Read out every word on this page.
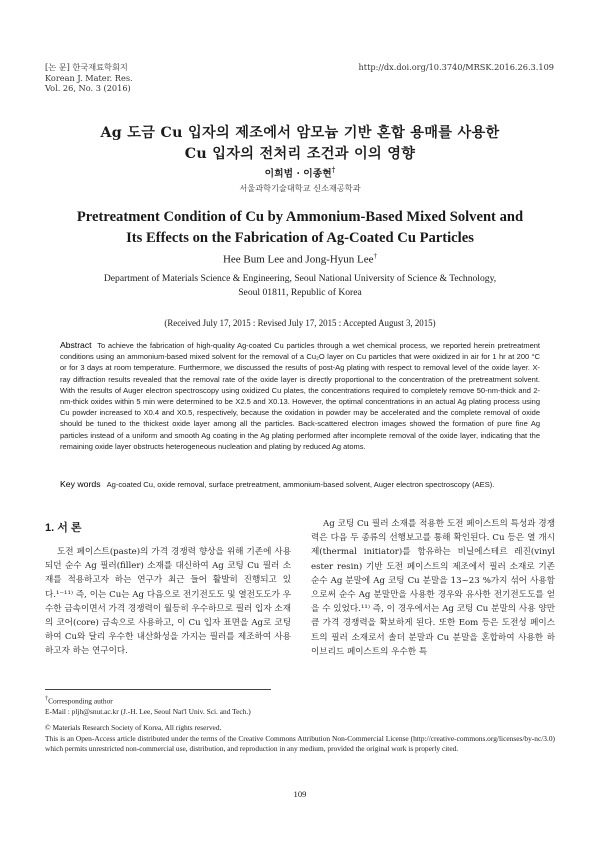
[논 문] 한국재료학회지
Korean J. Mater. Res.
Vol. 26, No. 3 (2016)
http://dx.doi.org/10.3740/MRSK.2016.26.3.109
Ag 도금 Cu 입자의 제조에서 암모늄 기반 혼합 용매를 사용한
Cu 입자의 전처리 조건과 이의 영향
이희범 · 이종현†
서울과학기술대학교 신소재공학과
Pretreatment Condition of Cu by Ammonium-Based Mixed Solvent and
Its Effects on the Fabrication of Ag-Coated Cu Particles
Hee Bum Lee and Jong-Hyun Lee†
Department of Materials Science & Engineering, Seoul National University of Science & Technology,
Seoul 01811, Republic of Korea
(Received July 17, 2015 : Revised July 17, 2015 : Accepted August 3, 2015)
Abstract To achieve the fabrication of high-quality Ag-coated Cu particles through a wet chemical process, we reported herein pretreatment conditions using an ammonium-based mixed solvent for the removal of a Cu₂O layer on Cu particles that were oxidized in air for 1 hr at 200 °C or for 3 days at room temperature. Furthermore, we discussed the results of post-Ag plating with respect to removal level of the oxide layer. X-ray diffraction results revealed that the removal rate of the oxide layer is directly proportional to the concentration of the pretreatment solvent. With the results of Auger electron spectroscopy using oxidized Cu plates, the concentrations required to completely remove 50-nm-thick and 2-nm-thick oxides within 5 min were determined to be X2.5 and X0.13. However, the optimal concentrations in an actual Ag plating process using Cu powder increased to X0.4 and X0.5, respectively, because the oxidation in powder may be accelerated and the complete removal of oxide should be tuned to the thickest oxide layer among all the particles. Back-scattered electron images showed the formation of pure fine Ag particles instead of a uniform and smooth Ag coating in the Ag plating performed after incomplete removal of the oxide layer, indicating that the remaining oxide layer obstructs heterogeneous nucleation and plating by reduced Ag atoms.
Key words Ag-coated Cu, oxide removal, surface pretreatment, ammonium-based solvent, Auger electron spectroscopy (AES).
1. 서 론

도전 페이스트(paste)의 가격 경쟁력 향상을 위해 기존에 사용되던 순수 Ag 필러(filler) 소재를 대신하여 Ag 코팅 Cu 필러 소재를 적용하고자 하는 연구가 최근 들어 활발히 진행되고 있다.¹⁻¹¹⁾ 즉, 이는 Cu는 Ag 다음으로 전기전도도 및 열전도도가 우수한 금속이면서 가격 경쟁력이 월등히 우수하므로 필러 입자 소재의 코어(core) 금속으로 사용하고, 이 Cu 입자 표면을 Ag로 코팅하여 Cu와 달리 우수한 내산화성을 가지는 필러를 제조하여 사용하고자 하는 연구이다.

Ag 코팅 Cu 필러 소재를 적용한 도전 페이스트의 특성과 경쟁력은 다음 두 종류의 선행보고를 통해 확인된다. Cu 등은 열 개시제(thermal initiator)를 함유하는 비닐에스테르 레진(vinyl ester resin) 기반 도전 페이스트의 제조에서 필러 소재로 기존 순수 Ag 분말에 Ag 코팅 Cu 분말을 13~23 %가지 섞어 사용함으로써 순수 Ag 분말만을 사용한 경우와 유사한 전기전도도를 얻을 수 있었다.¹¹⁾ 즉, 이 경우에서는 Ag 코팅 Cu 분말의 사용 양만큼 가격 경쟁력을 확보하게 된다. 또한 Eom 등은 도전성 페이스트의 필러 소재로서 솔더 분말과 Cu 분말을 혼합하여 사용한 하이브리드 페이스트의 우수한 특

†Corresponding author
E-Mail : pljh@snut.ac.kr (J.-H. Lee, Seoul Nat'l Univ. Sci. and Tech.)
© Materials Research Society of Korea, All rights reserved.
This is an Open-Access article distributed under the terms of the Creative Commons Attribution Non-Commercial License (http://creative-commons.org/licenses/by-nc/3.0) which permits unrestricted non-commercial use, distribution, and reproduction in any medium, provided the original work is properly cited.
109
